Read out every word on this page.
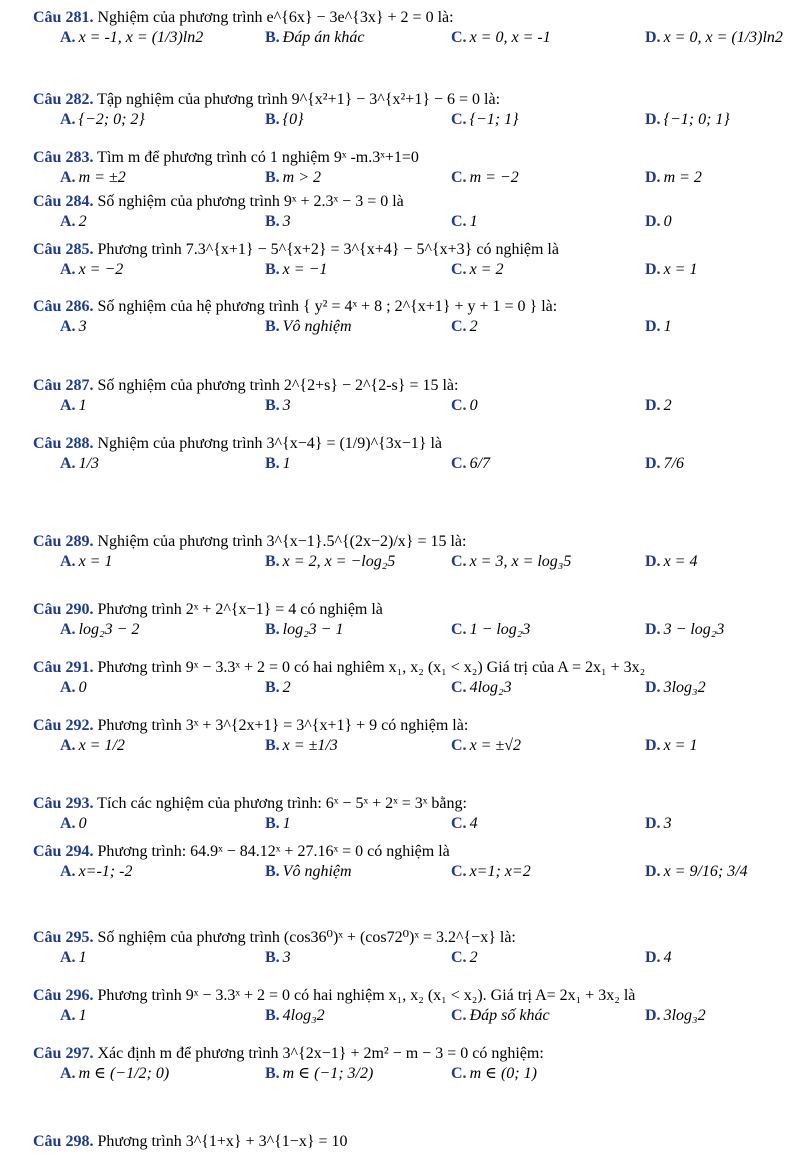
Câu 281. Nghiệm của phương trình e^{6x} − 3e^{3x} + 2 = 0 là:
A. x = -1, x = (1/3)ln2	B. Đáp án khác	C. x = 0, x = -1	D. x = 0, x = (1/3)ln2
Câu 282. Tập nghiệm của phương trình 9^{x²+1} − 3^{x²+1} − 6 = 0 là:
A. {−2; 0; 2}	B. {0}	C. {−1; 1}	D. {−1; 0; 1}
Câu 283. Tìm m để phương trình có 1 nghiệm 9ˣ -m.3ˣ+1=0
A. m = ±2	B. m > 2	C. m = −2	D. m = 2
Câu 284. Số nghiệm của phương trình 9ˣ + 2.3ˣ − 3 = 0 là
A. 2	B. 3	C. 1	D. 0
Câu 285. Phương trình 7.3^{x+1} − 5^{x+2} = 3^{x+4} − 5^{x+3} có nghiệm là
A. x = −2	B. x = −1	C. x = 2	D. x = 1
Câu 286. Số nghiệm của hệ phương trình { y² = 4ˣ + 8 ; 2^{x+1} + y + 1 = 0 } là:
A. 3	B. Vô nghiệm	C. 2	D. 1
Câu 287. Số nghiệm của phương trình 2^{2+s} − 2^{2-s} = 15 là:
A. 1	B. 3	C. 0	D. 2
Câu 288. Nghiệm của phương trình 3^{x−4} = (1/9)^{3x−1} là
A. 1/3	B. 1	C. 6/7	D. 7/6
Câu 289. Nghiệm của phương trình 3^{x−1}.5^{(2x−2)/x} = 15 là:
A. x = 1	B. x = 2, x = −log₂5	C. x = 3, x = log₃5	D. x = 4
Câu 290. Phương trình 2ˣ + 2^{x−1} = 4 có nghiệm là
A. log₂3 − 2	B. log₂3 − 1	C. 1 − log₂3	D. 3 − log₂3
Câu 291. Phương trình 9ˣ − 3.3ˣ + 2 = 0 có hai nghiêm x₁, x₂ (x₁ < x₂) Giá trị của A = 2x₁ + 3x₂
A. 0	B. 2	C. 4log₂3	D. 3log₃2
Câu 292. Phương trình 3ˣ + 3^{2x+1} = 3^{x+1} + 9 có nghiệm là:
A. x = 1/2	B. x = ±1/3	C. x = ±√2	D. x = 1
Câu 293. Tích các nghiệm của phương trình: 6ˣ − 5ˣ + 2ˣ = 3ˣ bằng:
A. 0	B. 1	C. 4	D. 3
Câu 294. Phương trình: 64.9ˣ − 84.12ˣ + 27.16ˣ = 0 có nghiệm là
A. x=-1; -2	B. Vô nghiệm	C. x=1; x=2	D. x = 9/16; 3/4
Câu 295. Số nghiệm của phương trình (cos36⁰)ˣ + (cos72⁰)ˣ = 3.2^{−x} là:
A. 1	B. 3	C. 2	D. 4
Câu 296. Phương trình 9ˣ − 3.3ˣ + 2 = 0 có hai nghiệm x₁, x₂ (x₁ < x₂). Giá trị A= 2x₁ + 3x₂ là
A. 1	B. 4log₃2	C. Đáp số khác	D. 3log₃2
Câu 297. Xác định m để phương trình 3^{2x−1} + 2m² − m − 3 = 0 có nghiệm:
A. m ∈ (−1/2; 0)	B. m ∈ (−1; 3/2)	C. m ∈ (0; 1)
Câu 298. Phương trình 3^{1+x} + 3^{1−x} = 10
